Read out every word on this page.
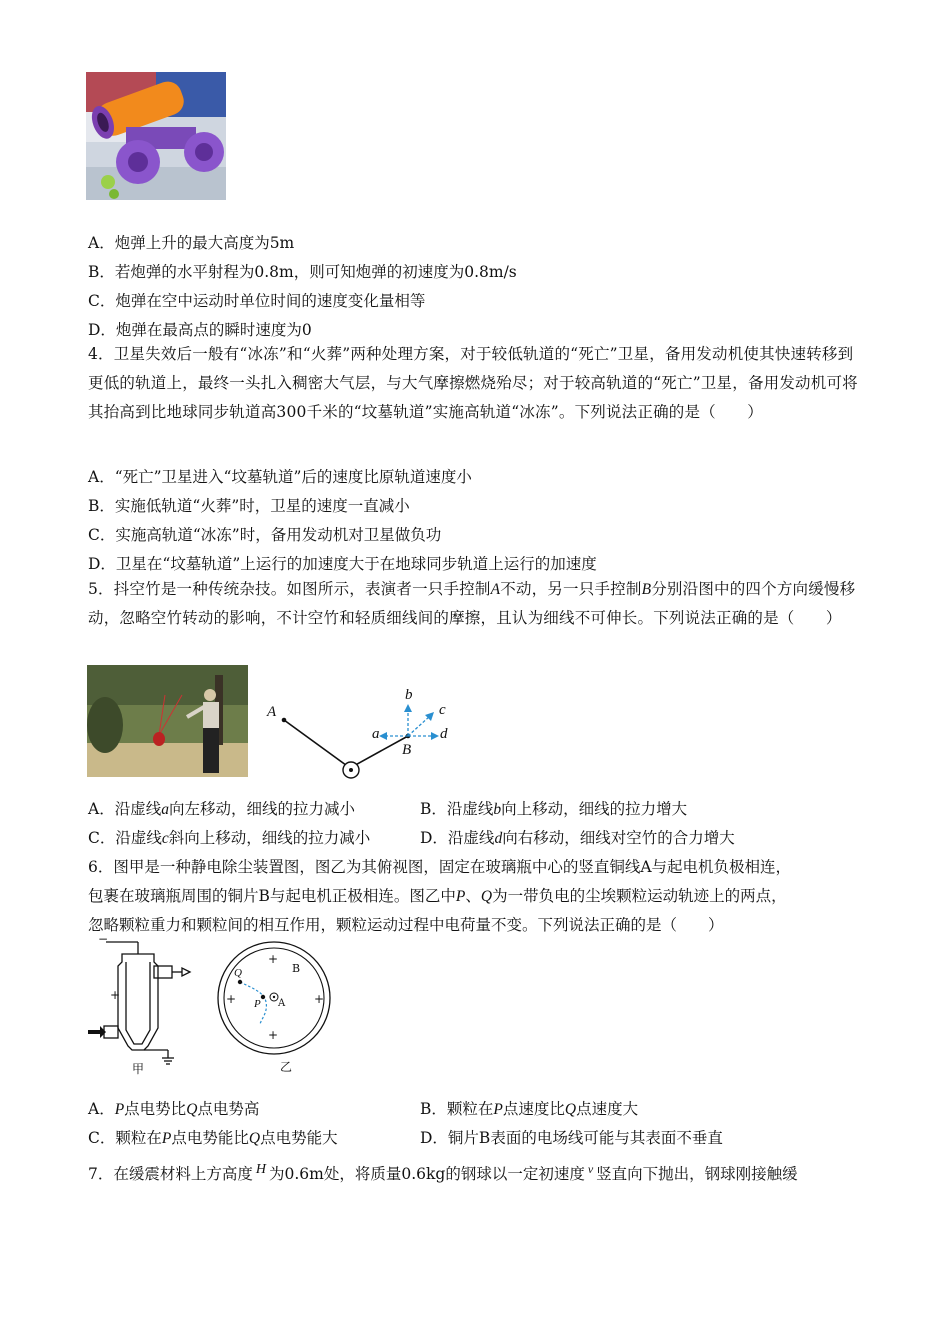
A．炮弹上升的最大高度为5m
B．若炮弹的水平射程为0.8m，则可知炮弹的初速度为0.8m/s
C．炮弹在空中运动时单位时间的速度变化量相等
D．炮弹在最高点的瞬时速度为0
4．卫星失效后一般有“冰冻”和“火葬”两种处理方案，对于较低轨道的“死亡”卫星，备用发动机使其快速转移到更低的轨道上，最终一头扎入稠密大气层，与大气摩擦燃烧殆尽；对于较高轨道的“死亡”卫星，备用发动机可将其抬高到比地球同步轨道高300千米的“坟墓轨道”实施高轨道“冰冻”。下列说法正确的是（　　）
A．“死亡”卫星进入“坟墓轨道”后的速度比原轨道速度小
B．实施低轨道“火葬”时，卫星的速度一直减小
C．实施高轨道“冰冻”时，备用发动机对卫星做负功
D．卫星在“坟墓轨道”上运行的加速度大于在地球同步轨道上运行的加速度
5．抖空竹是一种传统杂技。如图所示，表演者一只手控制A不动，另一只手控制B分别沿图中的四个方向缓慢移动，忽略空竹转动的影响，不计空竹和轻质细线间的摩擦，且认为细线不可伸长。下列说法正确的是（　　）
A
B
b
a
c
d
A．沿虚线a向左移动，细线的拉力减小	B．沿虚线b向上移动，细线的拉力增大
C．沿虚线c斜向上移动，细线的拉力减小	D．沿虚线d向右移动，细线对空竹的合力增大
6．图甲是一种静电除尘装置图，图乙为其俯视图，固定在玻璃瓶中心的竖直铜线A与起电机负极相连，
包裹在玻璃瓶周围的铜片B与起电机正极相连。图乙中P、Q为一带负电的尘埃颗粒运动轨迹上的两点，
忽略颗粒重力和颗粒间的相互作用，颗粒运动过程中电荷量不变。下列说法正确的是（　　）
−
+
甲
+
+	+
+
B
A
Q
P
乙
A．P点电势比Q点电势高	B．颗粒在P点速度比Q点速度大
C．颗粒在P点电势能比Q点电势能大	D．铜片B表面的电场线可能与其表面不垂直
7．在缓震材料上方高度 H 为0.6m处，将质量0.6kg的钢球以一定初速度 $^v$ 竖直向下抛出，钢球刚接触缓
